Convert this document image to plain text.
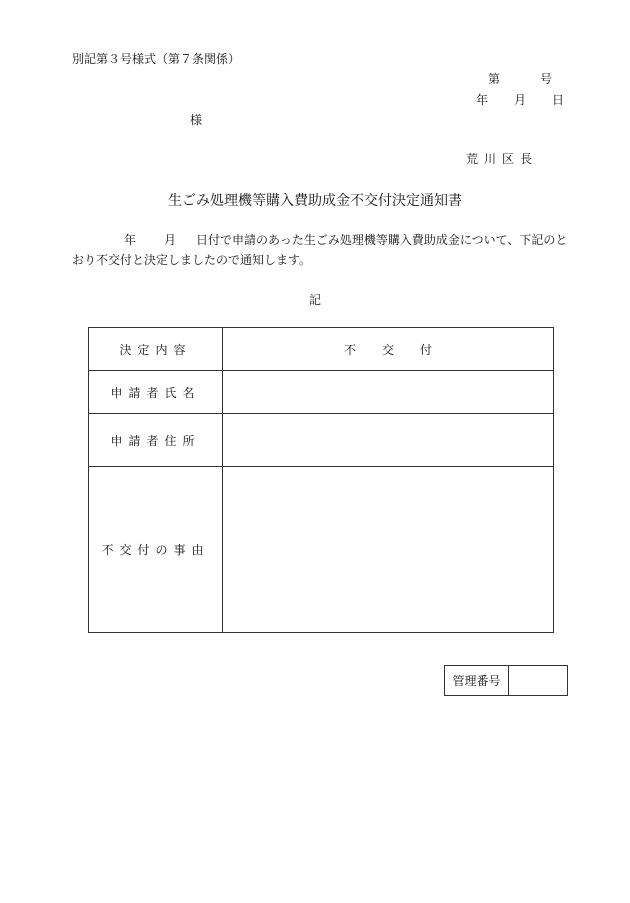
別記第３号様式（第７条関係）
第	号
年 月 日
様
荒川区長
生ごみ処理機等購入費助成金不交付決定通知書
年 月 日付で申請のあった生ごみ処理機等購入費助成金について、下記のと
おり不交付と決定しましたので通知します。
記
決定内容	不交付
申請者氏名	
申請者住所	
不交付の事由	
管理番号	
